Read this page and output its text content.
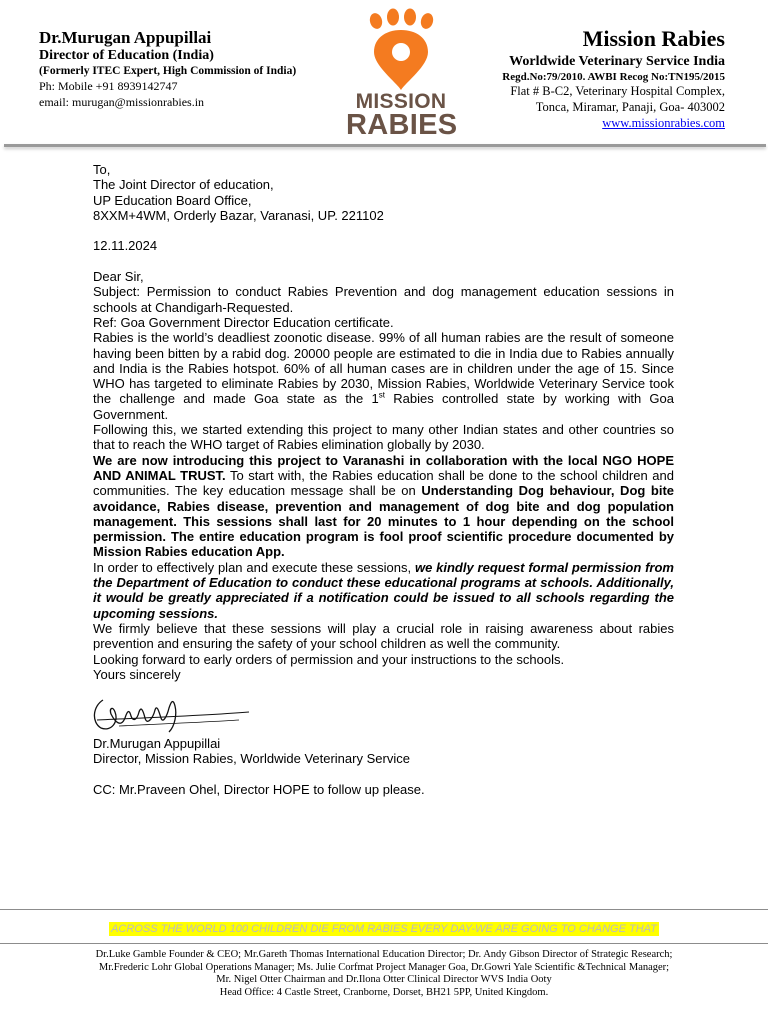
Dr.Murugan Appupillai
Director of Education (India)
(Formerly ITEC Expert, High Commission of India)
Ph: Mobile +91 8939142747
email: murugan@missionrabies.in	MISSION
RABIES
Mission Rabies
Worldwide Veterinary Service India
Regd.No:79/2010. AWBI Recog No:TN195/2015
Flat # B-C2, Veterinary Hospital Complex,
Tonca, Miramar, Panaji, Goa- 403002
www.missionrabies.com

To,

The Joint Director of education,

UP Education Board Office,

8XXM+4WM, Orderly Bazar, Varanasi, UP. 221102

12.11.2024

Dear Sir,

Subject: Permission to conduct Rabies Prevention and dog management education sessions in schools at Chandigarh-Requested.

Ref: Goa Government Director Education certificate.

Rabies is the world’s deadliest zoonotic disease. 99% of all human rabies are the result of someone having been bitten by a rabid dog. 20000 people are estimated to die in India due to Rabies annually and India is the Rabies hotspot. 60% of all human cases are in children under the age of 15. Since WHO has targeted to eliminate Rabies by 2030, Mission Rabies, Worldwide Veterinary Service took the challenge and made Goa state as the 1st Rabies controlled state by working with Goa Government.

Following this, we started extending this project to many other Indian states and other countries so that to reach the WHO target of Rabies elimination globally by 2030.

We are now introducing this project to Varanashi in collaboration with the local NGO HOPE AND ANIMAL TRUST. To start with, the Rabies education shall be done to the school children and communities. The key education message shall be on Understanding Dog behaviour, Dog bite avoidance, Rabies disease, prevention and management of dog bite and dog population management. This sessions shall last for 20 minutes to 1 hour depending on the school permission. The entire education program is fool proof scientific procedure documented by Mission Rabies education App.

In order to effectively plan and execute these sessions, we kindly request formal permission from the Department of Education to conduct these educational programs at schools. Additionally, it would be greatly appreciated if a notification could be issued to all schools regarding the upcoming sessions.

We firmly believe that these sessions will play a crucial role in raising awareness about rabies prevention and ensuring the safety of your school children as well the community.

Looking forward to early orders of permission and your instructions to the schools.

Yours sincerely

Dr.Murugan Appupillai

Director, Mission Rabies, Worldwide Veterinary Service

CC: Mr.Praveen Ohel, Director HOPE to follow up please.

ACROSS THE WORLD 100 CHILDREN DIE FROM RABIES EVERY DAY-WE ARE GOING TO CHANGE THAT
Dr.Luke Gamble Founder & CEO; Mr.Gareth Thomas International Education Director; Dr. Andy Gibson Director of Strategic Research;
Mr.Frederic Lohr Global Operations Manager; Ms. Julie Corfmat Project Manager Goa, Dr.Gowri Yale Scientific &Technical Manager;
Mr. Nigel Otter Chairman and Dr.Ilona Otter Clinical Director WVS India Ooty
Head Office: 4 Castle Street, Cranborne, Dorset, BH21 5PP, United Kingdom.
